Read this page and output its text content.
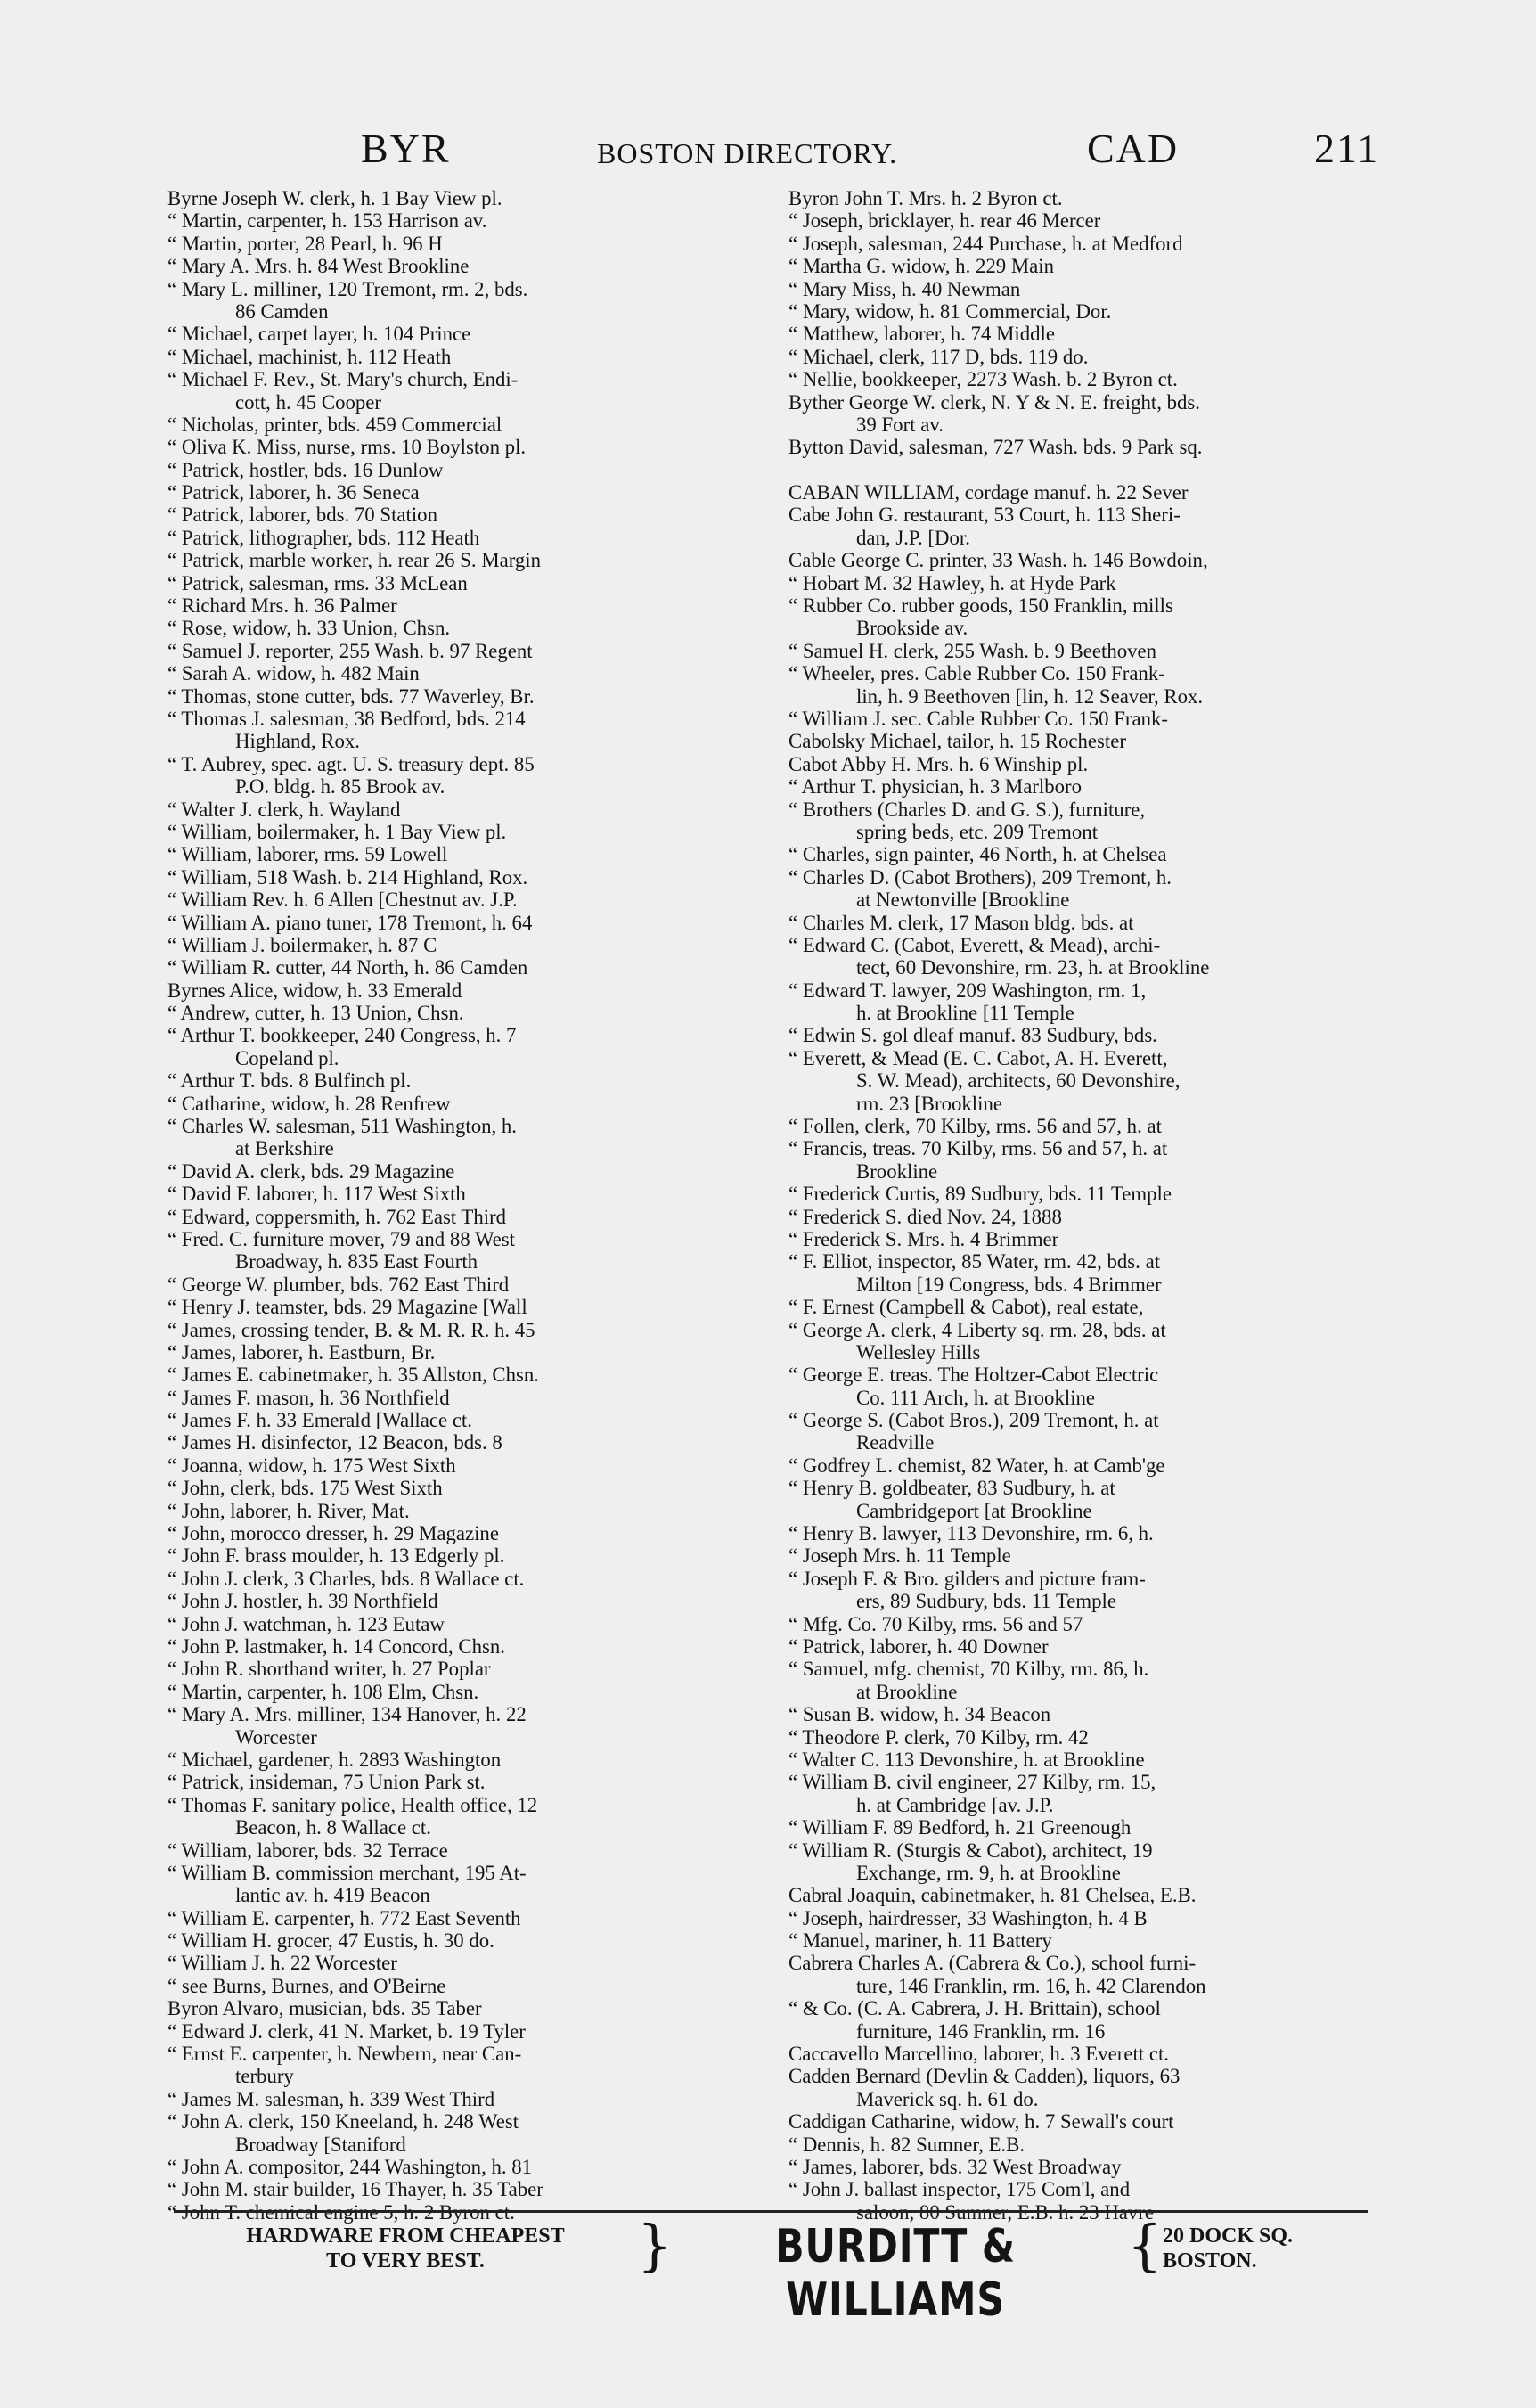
BYR	BOSTON DIRECTORY.	CAD	211
Byrne Joseph W. clerk, h. 1 Bay View pl.
“ Martin, carpenter, h. 153 Harrison av.
“ Martin, porter, 28 Pearl, h. 96 H
“ Mary A. Mrs. h. 84 West Brookline
“ Mary L. milliner, 120 Tremont, rm. 2, bds.
86 Camden
“ Michael, carpet layer, h. 104 Prince
“ Michael, machinist, h. 112 Heath
“ Michael F. Rev., St. Mary's church, Endi-
cott, h. 45 Cooper
“ Nicholas, printer, bds. 459 Commercial
“ Oliva K. Miss, nurse, rms. 10 Boylston pl.
“ Patrick, hostler, bds. 16 Dunlow
“ Patrick, laborer, h. 36 Seneca
“ Patrick, laborer, bds. 70 Station
“ Patrick, lithographer, bds. 112 Heath
“ Patrick, marble worker, h. rear 26 S. Margin
“ Patrick, salesman, rms. 33 McLean
“ Richard Mrs. h. 36 Palmer
“ Rose, widow, h. 33 Union, Chsn.
“ Samuel J. reporter, 255 Wash. b. 97 Regent
“ Sarah A. widow, h. 482 Main
“ Thomas, stone cutter, bds. 77 Waverley, Br.
“ Thomas J. salesman, 38 Bedford, bds. 214
Highland, Rox.
“ T. Aubrey, spec. agt. U. S. treasury dept. 85
P.O. bldg. h. 85 Brook av.
“ Walter J. clerk, h. Wayland
“ William, boilermaker, h. 1 Bay View pl.
“ William, laborer, rms. 59 Lowell
“ William, 518 Wash. b. 214 Highland, Rox.
“ William Rev. h. 6 Allen [Chestnut av. J.P.
“ William A. piano tuner, 178 Tremont, h. 64
“ William J. boilermaker, h. 87 C
“ William R. cutter, 44 North, h. 86 Camden
Byrnes Alice, widow, h. 33 Emerald
“ Andrew, cutter, h. 13 Union, Chsn.
“ Arthur T. bookkeeper, 240 Congress, h. 7
Copeland pl.
“ Arthur T. bds. 8 Bulfinch pl.
“ Catharine, widow, h. 28 Renfrew
“ Charles W. salesman, 511 Washington, h.
at Berkshire
“ David A. clerk, bds. 29 Magazine
“ David F. laborer, h. 117 West Sixth
“ Edward, coppersmith, h. 762 East Third
“ Fred. C. furniture mover, 79 and 88 West
Broadway, h. 835 East Fourth
“ George W. plumber, bds. 762 East Third
“ Henry J. teamster, bds. 29 Magazine [Wall
“ James, crossing tender, B. & M. R. R. h. 45
“ James, laborer, h. Eastburn, Br.
“ James E. cabinetmaker, h. 35 Allston, Chsn.
“ James F. mason, h. 36 Northfield
“ James F. h. 33 Emerald [Wallace ct.
“ James H. disinfector, 12 Beacon, bds. 8
“ Joanna, widow, h. 175 West Sixth
“ John, clerk, bds. 175 West Sixth
“ John, laborer, h. River, Mat.
“ John, morocco dresser, h. 29 Magazine
“ John F. brass moulder, h. 13 Edgerly pl.
“ John J. clerk, 3 Charles, bds. 8 Wallace ct.
“ John J. hostler, h. 39 Northfield
“ John J. watchman, h. 123 Eutaw
“ John P. lastmaker, h. 14 Concord, Chsn.
“ John R. shorthand writer, h. 27 Poplar
“ Martin, carpenter, h. 108 Elm, Chsn.
“ Mary A. Mrs. milliner, 134 Hanover, h. 22
Worcester
“ Michael, gardener, h. 2893 Washington
“ Patrick, insideman, 75 Union Park st.
“ Thomas F. sanitary police, Health office, 12
Beacon, h. 8 Wallace ct.
“ William, laborer, bds. 32 Terrace
“ William B. commission merchant, 195 At-
lantic av. h. 419 Beacon
“ William E. carpenter, h. 772 East Seventh
“ William H. grocer, 47 Eustis, h. 30 do.
“ William J. h. 22 Worcester
“ see Burns, Burnes, and O'Beirne
Byron Alvaro, musician, bds. 35 Taber
“ Edward J. clerk, 41 N. Market, b. 19 Tyler
“ Ernst E. carpenter, h. Newbern, near Can-
terbury
“ James M. salesman, h. 339 West Third
“ John A. clerk, 150 Kneeland, h. 248 West
Broadway [Staniford
“ John A. compositor, 244 Washington, h. 81
“ John M. stair builder, 16 Thayer, h. 35 Taber
“ John T. chemical engine 5, h. 2 Byron ct.
Byron John T. Mrs. h. 2 Byron ct.
“ Joseph, bricklayer, h. rear 46 Mercer
“ Joseph, salesman, 244 Purchase, h. at Medford
“ Martha G. widow, h. 229 Main
“ Mary Miss, h. 40 Newman
“ Mary, widow, h. 81 Commercial, Dor.
“ Matthew, laborer, h. 74 Middle
“ Michael, clerk, 117 D, bds. 119 do.
“ Nellie, bookkeeper, 2273 Wash. b. 2 Byron ct.
Byther George W. clerk, N. Y & N. E. freight, bds.
39 Fort av.
Bytton David, salesman, 727 Wash. bds. 9 Park sq.
CABAN WILLIAM, cordage manuf. h. 22 Sever
Cabe John G. restaurant, 53 Court, h. 113 Sheri-
dan, J.P. [Dor.
Cable George C. printer, 33 Wash. h. 146 Bowdoin,
“ Hobart M. 32 Hawley, h. at Hyde Park
“ Rubber Co. rubber goods, 150 Franklin, mills
Brookside av.
“ Samuel H. clerk, 255 Wash. b. 9 Beethoven
“ Wheeler, pres. Cable Rubber Co. 150 Frank-
lin, h. 9 Beethoven [lin, h. 12 Seaver, Rox.
“ William J. sec. Cable Rubber Co. 150 Frank-
Cabolsky Michael, tailor, h. 15 Rochester
Cabot Abby H. Mrs. h. 6 Winship pl.
“ Arthur T. physician, h. 3 Marlboro
“ Brothers (Charles D. and G. S.), furniture,
spring beds, etc. 209 Tremont
“ Charles, sign painter, 46 North, h. at Chelsea
“ Charles D. (Cabot Brothers), 209 Tremont, h.
at Newtonville [Brookline
“ Charles M. clerk, 17 Mason bldg. bds. at
“ Edward C. (Cabot, Everett, & Mead), archi-
tect, 60 Devonshire, rm. 23, h. at Brookline
“ Edward T. lawyer, 209 Washington, rm. 1,
h. at Brookline [11 Temple
“ Edwin S. gol dleaf manuf. 83 Sudbury, bds.
“ Everett, & Mead (E. C. Cabot, A. H. Everett,
S. W. Mead), architects, 60 Devonshire,
rm. 23 [Brookline
“ Follen, clerk, 70 Kilby, rms. 56 and 57, h. at
“ Francis, treas. 70 Kilby, rms. 56 and 57, h. at
Brookline
“ Frederick Curtis, 89 Sudbury, bds. 11 Temple
“ Frederick S. died Nov. 24, 1888
“ Frederick S. Mrs. h. 4 Brimmer
“ F. Elliot, inspector, 85 Water, rm. 42, bds. at
Milton [19 Congress, bds. 4 Brimmer
“ F. Ernest (Campbell & Cabot), real estate,
“ George A. clerk, 4 Liberty sq. rm. 28, bds. at
Wellesley Hills
“ George E. treas. The Holtzer-Cabot Electric
Co. 111 Arch, h. at Brookline
“ George S. (Cabot Bros.), 209 Tremont, h. at
Readville
“ Godfrey L. chemist, 82 Water, h. at Camb'ge
“ Henry B. goldbeater, 83 Sudbury, h. at
Cambridgeport [at Brookline
“ Henry B. lawyer, 113 Devonshire, rm. 6, h.
“ Joseph Mrs. h. 11 Temple
“ Joseph F. & Bro. gilders and picture fram-
ers, 89 Sudbury, bds. 11 Temple
“ Mfg. Co. 70 Kilby, rms. 56 and 57
“ Patrick, laborer, h. 40 Downer
“ Samuel, mfg. chemist, 70 Kilby, rm. 86, h.
at Brookline
“ Susan B. widow, h. 34 Beacon
“ Theodore P. clerk, 70 Kilby, rm. 42
“ Walter C. 113 Devonshire, h. at Brookline
“ William B. civil engineer, 27 Kilby, rm. 15,
h. at Cambridge [av. J.P.
“ William F. 89 Bedford, h. 21 Greenough
“ William R. (Sturgis & Cabot), architect, 19
Exchange, rm. 9, h. at Brookline
Cabral Joaquin, cabinetmaker, h. 81 Chelsea, E.B.
“ Joseph, hairdresser, 33 Washington, h. 4 B
“ Manuel, mariner, h. 11 Battery
Cabrera Charles A. (Cabrera & Co.), school furni-
ture, 146 Franklin, rm. 16, h. 42 Clarendon
“ & Co. (C. A. Cabrera, J. H. Brittain), school
furniture, 146 Franklin, rm. 16
Caccavello Marcellino, laborer, h. 3 Everett ct.
Cadden Bernard (Devlin & Cadden), liquors, 63
Maverick sq. h. 61 do.
Caddigan Catharine, widow, h. 7 Sewall's court
“ Dennis, h. 82 Sumner, E.B.
“ James, laborer, bds. 32 West Broadway
“ John J. ballast inspector, 175 Com'l, and
saloon, 80 Sumner, E.B. h. 23 Havre
HARDWARE FROM CHEAPEST
TO VERY BEST.	}	BURDITT & WILLIAMS
{ 20 DOCK SQ.
BOSTON.
